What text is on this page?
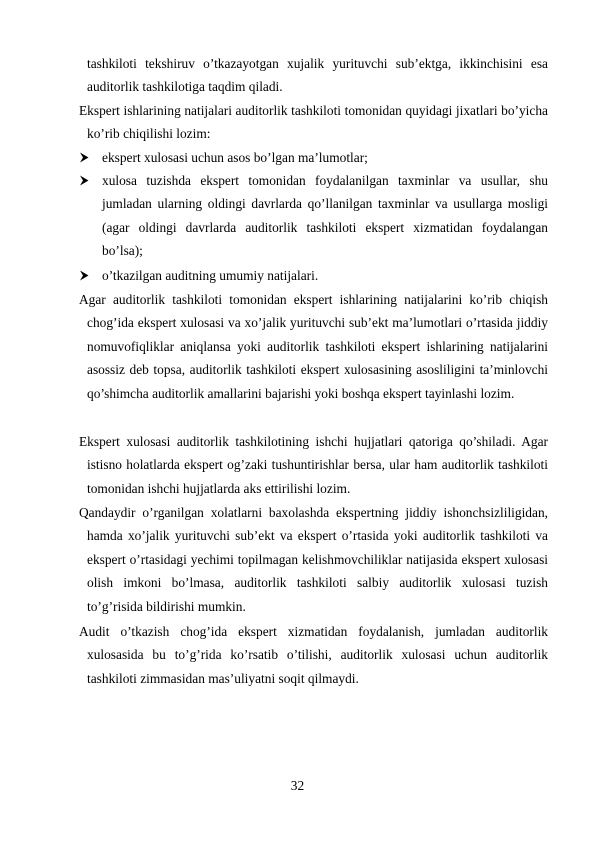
tashkiloti tekshiruv o’tkazayotgan xujalik yurituvchi sub’ektga, ikkinchisini esa auditorlik tashkilotiga taqdim qiladi.

Ekspert ishlarining natijalari auditorlik tashkiloti tomonidan quyidagi jixatlari bo’yicha ko’rib chiqilishi lozim:

ekspert xulosasi uchun asos bo’lgan ma’lumotlar;
xulosa tuzishda ekspert tomonidan foydalanilgan taxminlar va usullar, shu jumladan ularning oldingi davrlarda qo’llanilgan taxminlar va usullarga mosligi (agar oldingi davrlarda auditorlik tashkiloti ekspert xizmatidan foydalangan bo’lsa);
o’tkazilgan auditning umumiy natijalari.

Agar auditorlik tashkiloti tomonidan ekspert ishlarining natijalarini ko’rib chiqish chog’ida ekspert xulosasi va xo’jalik yurituvchi sub’ekt ma’lumotlari o’rtasida jiddiy nomuvofiqliklar aniqlansa yoki auditorlik tashkiloti ekspert ishlarining natijalarini asossiz deb topsa, auditorlik tashkiloti ekspert xulosasining asosliligini ta’minlovchi qo’shimcha auditorlik amallarini bajarishi yoki boshqa ekspert tayinlashi lozim.

Ekspert xulosasi auditorlik tashkilotining ishchi hujjatlari qatoriga qo’shiladi. Agar istisno holatlarda ekspert og’zaki tushuntirishlar bersa, ular ham auditorlik tashkiloti tomonidan ishchi hujjatlarda aks ettirilishi lozim.

Qandaydir o’rganilgan xolatlarni baxolashda ekspertning jiddiy ishonchsizliligidan, hamda xo’jalik yurituvchi sub’ekt va ekspert o’rtasida yoki auditorlik tashkiloti va ekspert o’rtasidagi yechimi topilmagan kelishmovchiliklar natijasida ekspert xulosasi olish imkoni bo’lmasa, auditorlik tashkiloti salbiy auditorlik xulosasi tuzish to’g’risida bildirishi mumkin.

Audit o’tkazish chog’ida ekspert xizmatidan foydalanish, jumladan auditorlik xulosasida bu to’g’rida ko’rsatib o’tilishi, auditorlik xulosasi uchun auditorlik tashkiloti zimmasidan mas’uliyatni soqit qilmaydi.

32
